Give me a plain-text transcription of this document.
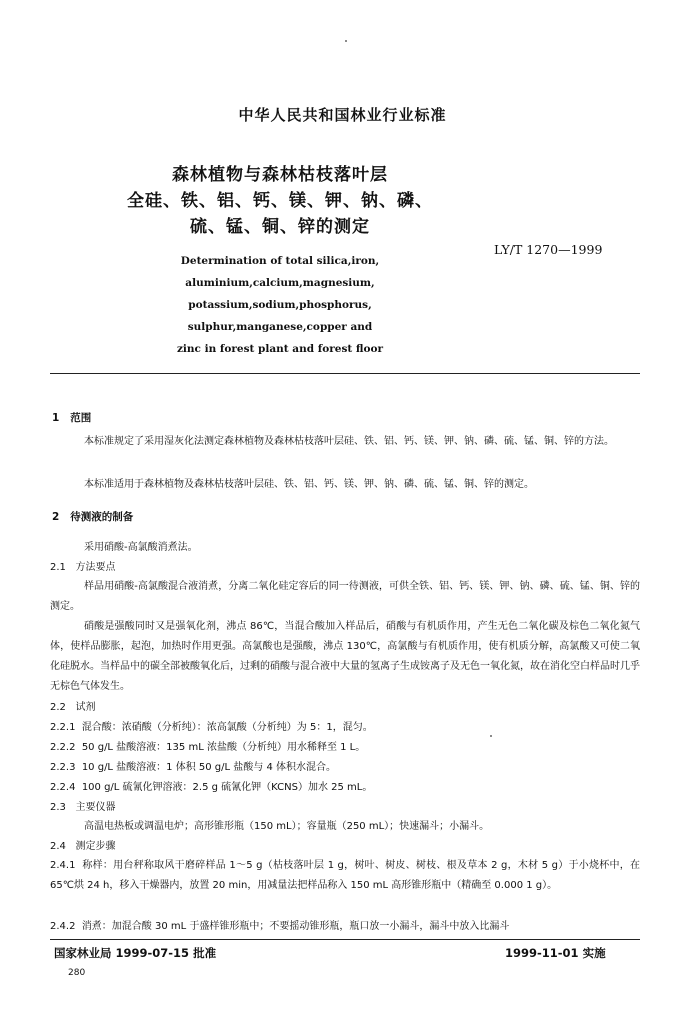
中华人民共和国林业行业标准
森林植物与森林枯枝落叶层
全硅、铁、铝、钙、镁、钾、钠、磷、
硫、锰、铜、锌的测定
LY/T 1270—1999
Determination of total silica,iron,
aluminium,calcium,magnesium,
potassium,sodium,phosphorus,
sulphur,manganese,copper and
zinc in forest plant and forest floor
1 范围
本标准规定了采用湿灰化法测定森林植物及森林枯枝落叶层硅、铁、铝、钙、镁、钾、钠、磷、硫、锰、铜、锌的方法。
本标准适用于森林植物及森林枯枝落叶层硅、铁、铝、钙、镁、钾、钠、磷、硫、锰、铜、锌的测定。
2 待测液的制备
采用硝酸-高氯酸消煮法。
2.1 方法要点
样品用硝酸-高氯酸混合液消煮，分离二氧化硅定容后的同一待测液，可供全铁、铝、钙、镁、钾、钠、磷、硫、锰、铜、锌的测定。
硝酸是强酸同时又是强氧化剂，沸点 86℃，当混合酸加入样品后，硝酸与有机质作用，产生无色二氧化碳及棕色二氧化氮气体，使样品膨胀，起泡，加热时作用更强。高氯酸也是强酸，沸点 130℃，高氯酸与有机质作用，使有机质分解，高氯酸又可使二氧化硅脱水。当样品中的碳全部被酸氧化后，过剩的硝酸与混合液中大量的氢离子生成铵离子及无色一氧化氮，故在消化空白样品时几乎无棕色气体发生。
2.2 试剂
2.2.1 混合酸：浓硝酸（分析纯）：浓高氯酸（分析纯）为 5：1，混匀。
2.2.2 50 g/L 盐酸溶液：135 mL 浓盐酸（分析纯）用水稀释至 1 L。
2.2.3 10 g/L 盐酸溶液：1 体积 50 g/L 盐酸与 4 体积水混合。
2.2.4 100 g/L 硫氰化钾溶液：2.5 g 硫氰化钾（KCNS）加水 25 mL。
2.3 主要仪器
高温电热板或调温电炉；高形锥形瓶（150 mL）；容量瓶（250 mL）；快速漏斗；小漏斗。
2.4 测定步骤
2.4.1 称样：用台秤称取风干磨碎样品 1～5 g（枯枝落叶层 1 g，树叶、树皮、树枝、根及草本 2 g，木材 5 g）于小烧杯中，在 65℃烘 24 h，移入干燥器内，放置 20 min，用减量法把样品称入 150 mL 高形锥形瓶中（精确至 0.000 1 g）。
2.4.2 消煮：加混合酸 30 mL 于盛样锥形瓶中；不要摇动锥形瓶，瓶口放一小漏斗，漏斗中放入比漏斗
国家林业局 1999-07-15 批准	1999-11-01 实施
280
